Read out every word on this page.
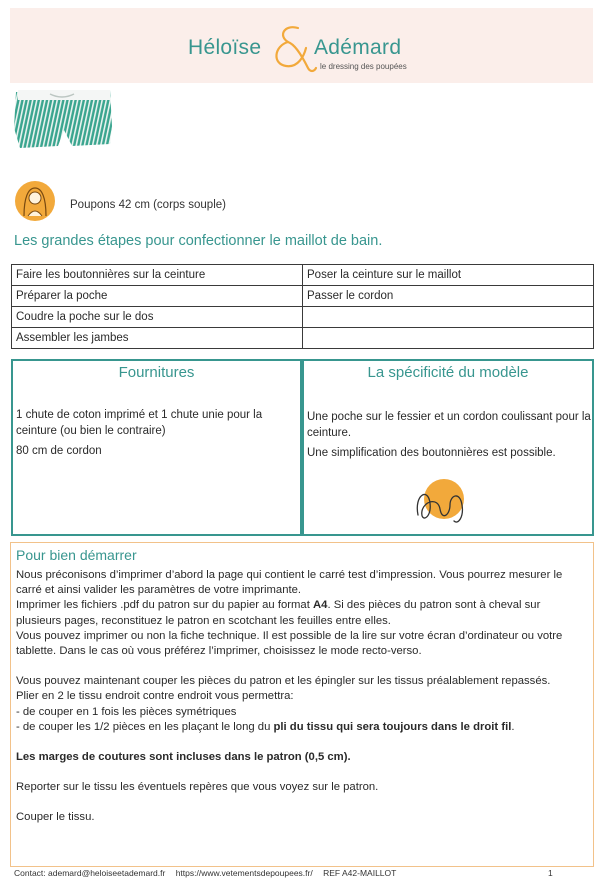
Héloïse	Adémard
le dressing des poupées
Poupons 42 cm (corps souple)
Les grandes étapes pour confectionner le maillot de bain.
Faire les boutonnières sur la ceinture	Poser la ceinture sur le maillot
Préparer la poche	Passer le cordon
Coudre la poche sur le dos	
Assembler les jambes	
Fournitures
1 chute de coton imprimé et 1 chute unie pour la ceinture (ou bien le contraire)
80 cm de cordon
La spécificité du modèle
Une poche sur le fessier et un cordon coulissant pour la ceinture.
Une simplification des boutonnières est possible.
Pour bien démarrer

Nous préconisons d’imprimer d’abord la page qui contient le carré test d’impression. Vous pourrez mesurer le carré et ainsi valider les paramètres de votre imprimante.

Imprimer les fichiers .pdf du patron sur du papier au format A4. Si des pièces du patron sont à cheval sur plusieurs pages, reconstituez le patron en scotchant les feuilles entre elles.

Vous pouvez imprimer ou non la fiche technique. Il est possible de la lire sur votre écran d’ordinateur ou votre tablette. Dans le cas où vous préférez l’imprimer, choisissez le mode recto-verso.

Vous pouvez maintenant couper les pièces du patron et les épingler sur les tissus préalablement repassés.

Plier en 2 le tissu endroit contre endroit vous permettra:

- de couper en 1 fois les pièces symétriques

- de couper les 1/2 pièces en les plaçant le long du pli du tissu qui sera toujours dans le droit fil.

Les marges de coutures sont incluses dans le patron (0,5 cm).

Reporter sur le tissu les éventuels repères que vous voyez sur le patron.

Couper le tissu.

Contact: ademard@heloiseetademard.fr https://www.vetementsdepoupees.fr/ REF A42-MAILLOT	1
